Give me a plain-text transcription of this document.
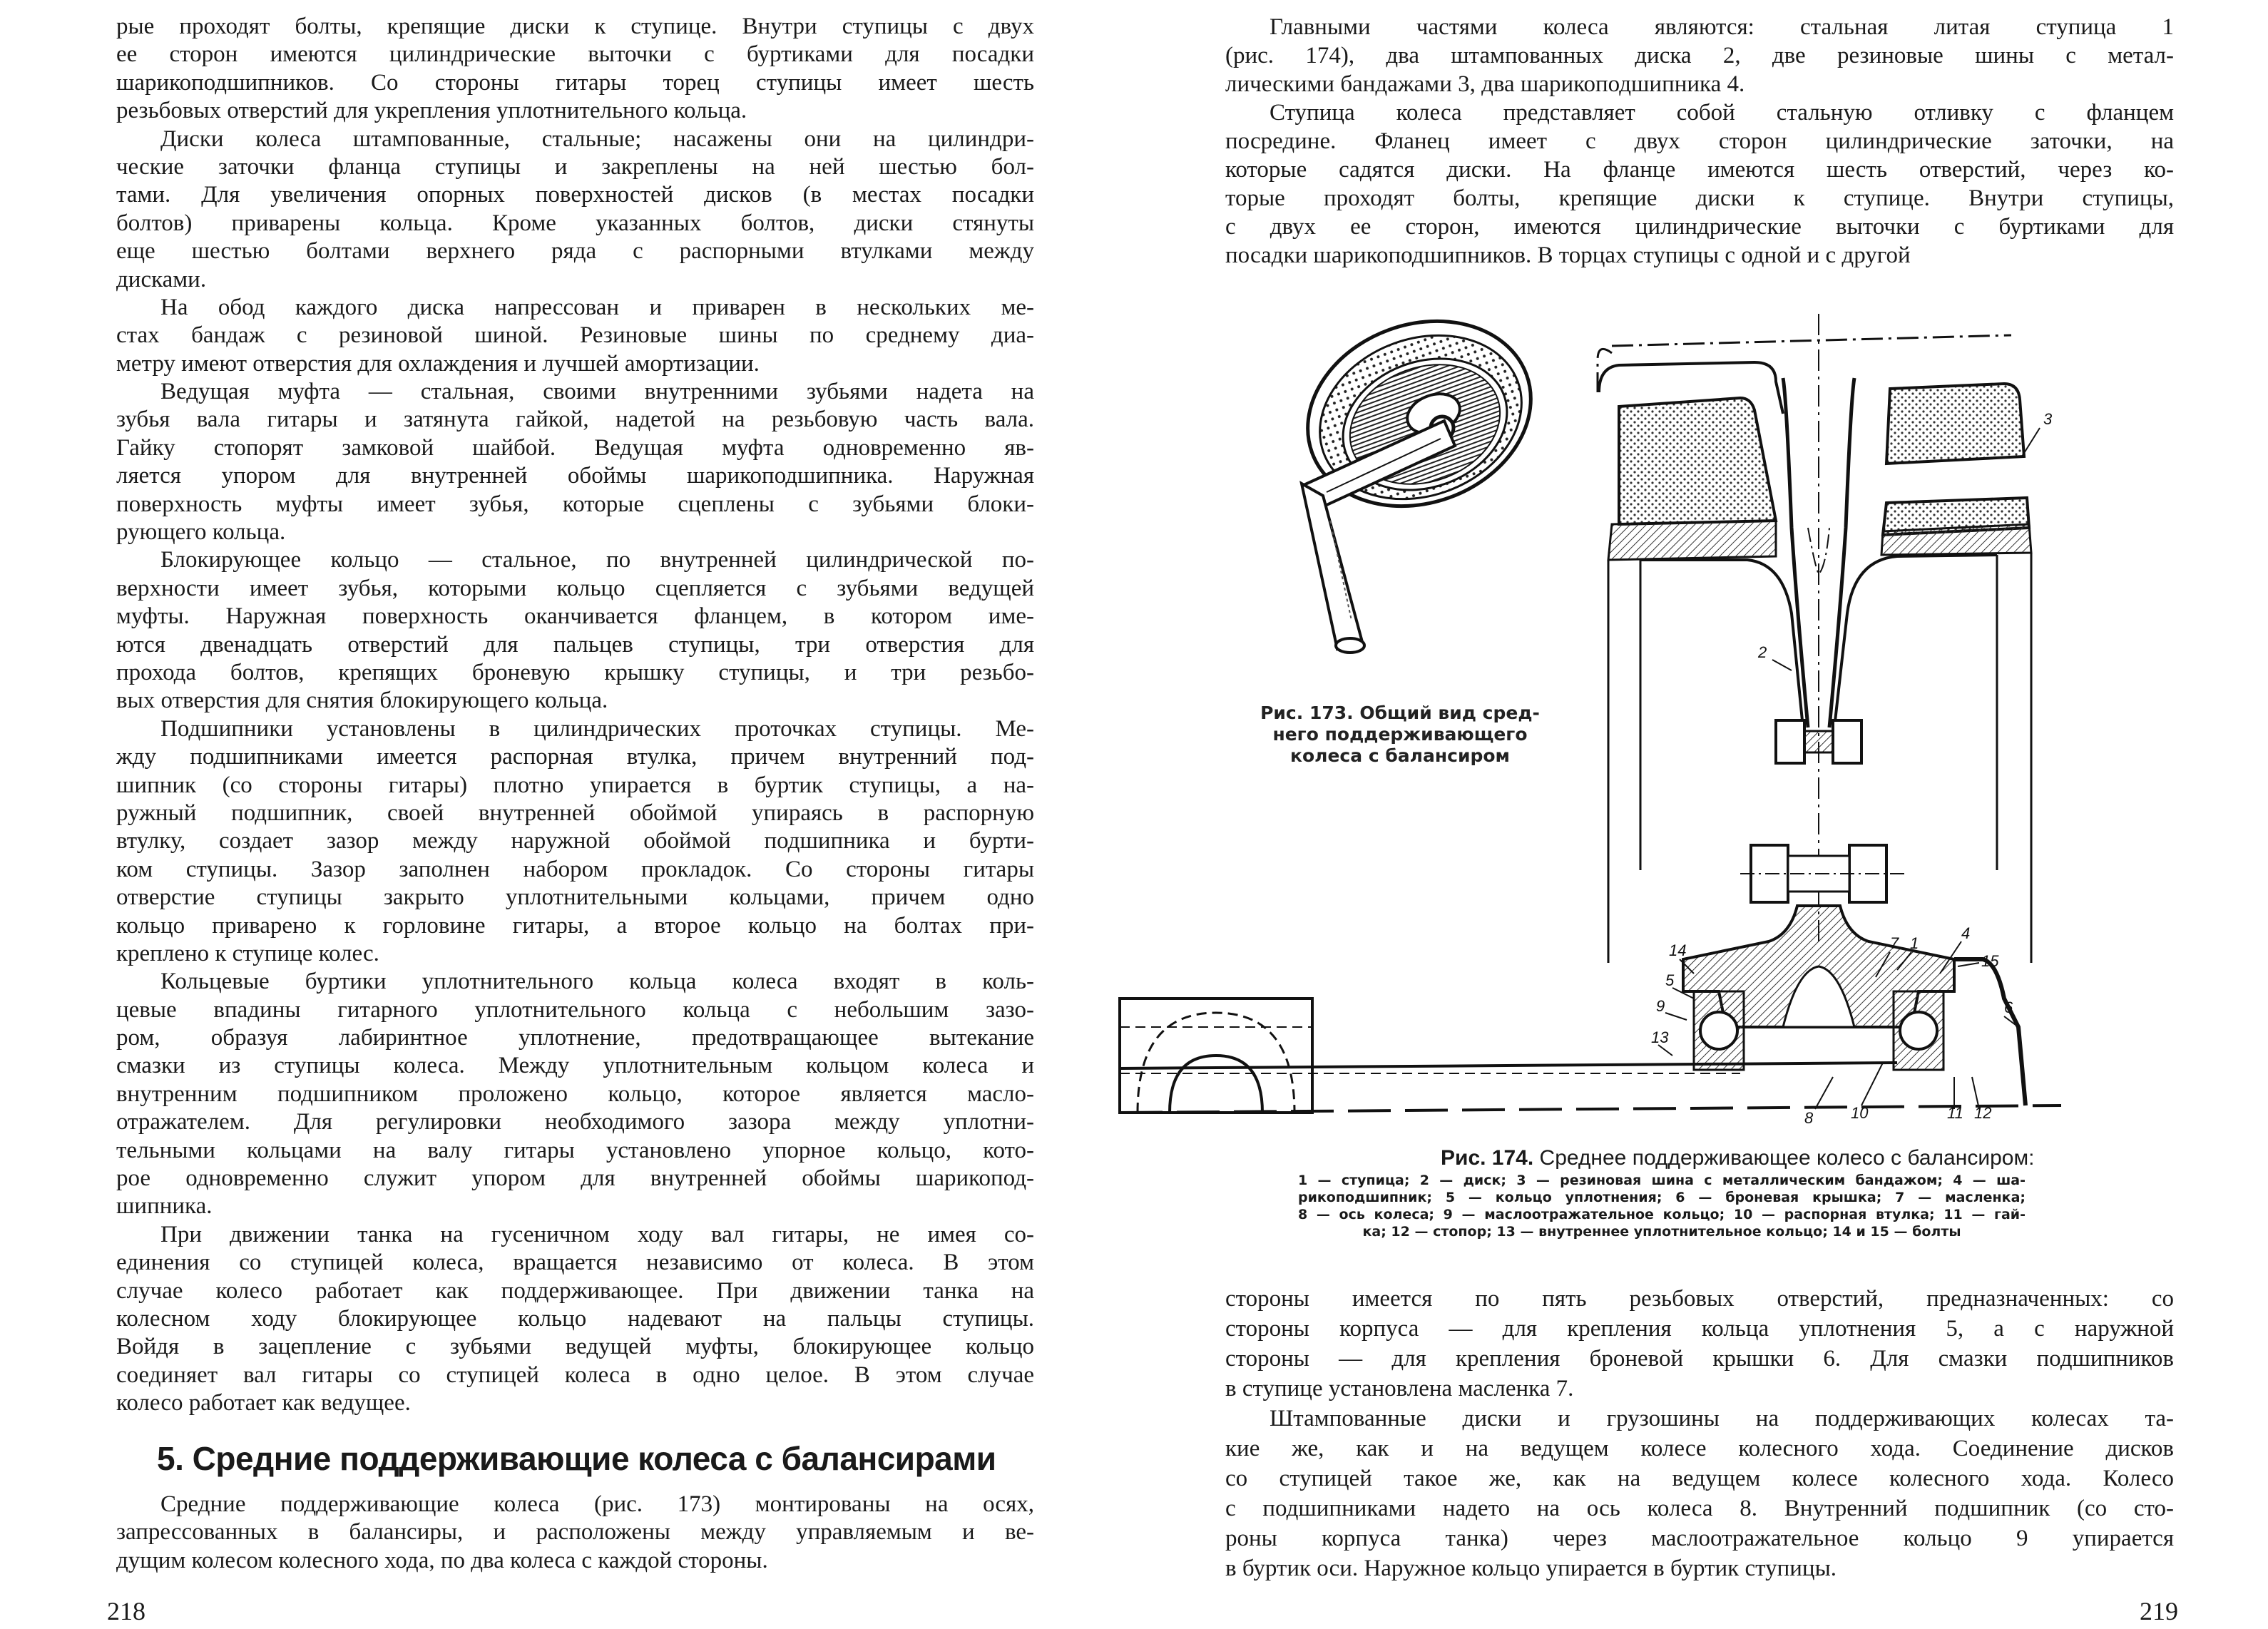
рые проходят болты, крепящие диски к ступице. Внутри ступицы с двух
ее сторон имеются цилиндрические выточки с буртиками для посадки
шарикоподшипников. Со стороны гитары торец ступицы имеет шесть
резьбовых отверстий для укрепления уплотнительного кольца.
Диски колеса штампованные, стальные; насажены они на цилиндри-
ческие заточки фланца ступицы и закреплены на ней шестью бол-
тами. Для увеличения опорных поверхностей дисков (в местах посадки
болтов) приварены кольца. Кроме указанных болтов, диски стянуты
еще шестью болтами верхнего ряда с распорными втулками между
дисками.
На обод каждого диска напрессован и приварен в нескольких ме-
стах бандаж с резиновой шиной. Резиновые шины по среднему диа-
метру имеют отверстия для охлаждения и лучшей амортизации.
Ведущая муфта — стальная, своими внутренними зубьями надета на
зубья вала гитары и затянута гайкой, надетой на резьбовую часть вала.
Гайку стопорят замковой шайбой. Ведущая муфта одновременно яв-
ляется упором для внутренней обоймы шарикоподшипника. Наружная
поверхность муфты имеет зубья, которые сцеплены с зубьями блоки-
рующего кольца.
Блокирующее кольцо — стальное, по внутренней цилиндрической по-
верхности имеет зубья, которыми кольцо сцепляется с зубьями ведущей
муфты. Наружная поверхность оканчивается фланцем, в котором име-
ются двенадцать отверстий для пальцев ступицы, три отверстия для
прохода болтов, крепящих броневую крышку ступицы, и три резьбо-
вых отверстия для снятия блокирующего кольца.
Подшипники установлены в цилиндрических проточках ступицы. Ме-
жду подшипниками имеется распорная втулка, причем внутренний под-
шипник (со стороны гитары) плотно упирается в буртик ступицы, а на-
ружный подшипник, своей внутренней обоймой упираясь в распорную
втулку, создает зазор между наружной обоймой подшипника и бурти-
ком ступицы. Зазор заполнен набором прокладок. Со стороны гитары
отверстие ступицы закрыто уплотнительными кольцами, причем одно
кольцо приварено к горловине гитары, а второе кольцо на болтах при-
креплено к ступице колес.
Кольцевые буртики уплотнительного кольца колеса входят в коль-
цевые впадины гитарного уплотнительного кольца с небольшим зазо-
ром, образуя лабиринтное уплотнение, предотвращающее вытекание
смазки из ступицы колеса. Между уплотнительным кольцом колеса и
внутренним подшипником проложено кольцо, которое является масло-
отражателем. Для регулировки необходимого зазора между уплотни-
тельными кольцами на валу гитары установлено упорное кольцо, кото-
рое одновременно служит упором для внутренней обоймы шарикопод-
шипника.
При движении танка на гусеничном ходу вал гитары, не имея со-
единения со ступицей колеса, вращается независимо от колеса. В этом
случае колесо работает как поддерживающее. При движении танка на
колесном ходу блокирующее кольцо надевают на пальцы ступицы.
Войдя в зацепление с зубьями ведущей муфты, блокирующее кольцо
соединяет вал гитары со ступицей колеса в одно целое. В этом случае
колесо работает как ведущее.
5. Средние поддерживающие колеса с балансирами
Средние поддерживающие колеса (рис. 173) монтированы на осях,
запрессованных в балансиры, и расположены между управляемым и ве-
дущим колесом колесного хода, по два колеса с каждой стороны.
218
Главными частями колеса являются: стальная литая ступица 1
(рис. 174), два штампованных диска 2, две резиновые шины с метал-
лическими бандажами 3, два шарикоподшипника 4.
Ступица колеса представляет собой стальную отливку с фланцем
посредине. Фланец имеет с двух сторон цилиндрические заточки, на
которые садятся диски. На фланце имеются шесть отверстий, через ко-
торые проходят болты, крепящие диски к ступице. Внутри ступицы,
с двух ее сторон, имеются цилиндрические выточки с буртиками для
посадки шарикоподшипников. В торцах ступицы с одной и с другой
Рис. 173. Общий вид сред-
него поддерживающего
колеса с балансиром
3
2
14
5
9
13
7 1
4
15
6
8 10	11 12
Рис. 174. Среднее поддерживающее колесо с балансиром:
1 — ступица; 2 — диск; 3 — резиновая шина с металлическим бандажом; 4 — ша-
рикоподшипник; 5 — кольцо уплотнения; 6 — броневая крышка; 7 — масленка;
8 — ось колеса; 9 — маслоотражательное кольцо; 10 — распорная втулка; 11 — гай-
ка; 12 — стопор; 13 — внутреннее уплотнительное кольцо; 14 и 15 — болты
стороны имеется по пять резьбовых отверстий, предназначенных: со
стороны корпуса — для крепления кольца уплотнения 5, а с наружной
стороны — для крепления броневой крышки 6. Для смазки подшипников
в ступице установлена масленка 7.
Штампованные диски и грузошины на поддерживающих колесах та-
кие же, как и на ведущем колесе колесного хода. Соединение дисков
со ступицей такое же, как на ведущем колесе колесного хода. Колесо
с подшипниками надето на ось колеса 8. Внутренний подшипник (со сто-
роны корпуса танка) через маслоотражательное кольцо 9 упирается
в буртик оси. Наружное кольцо упирается в буртик ступицы.
219
